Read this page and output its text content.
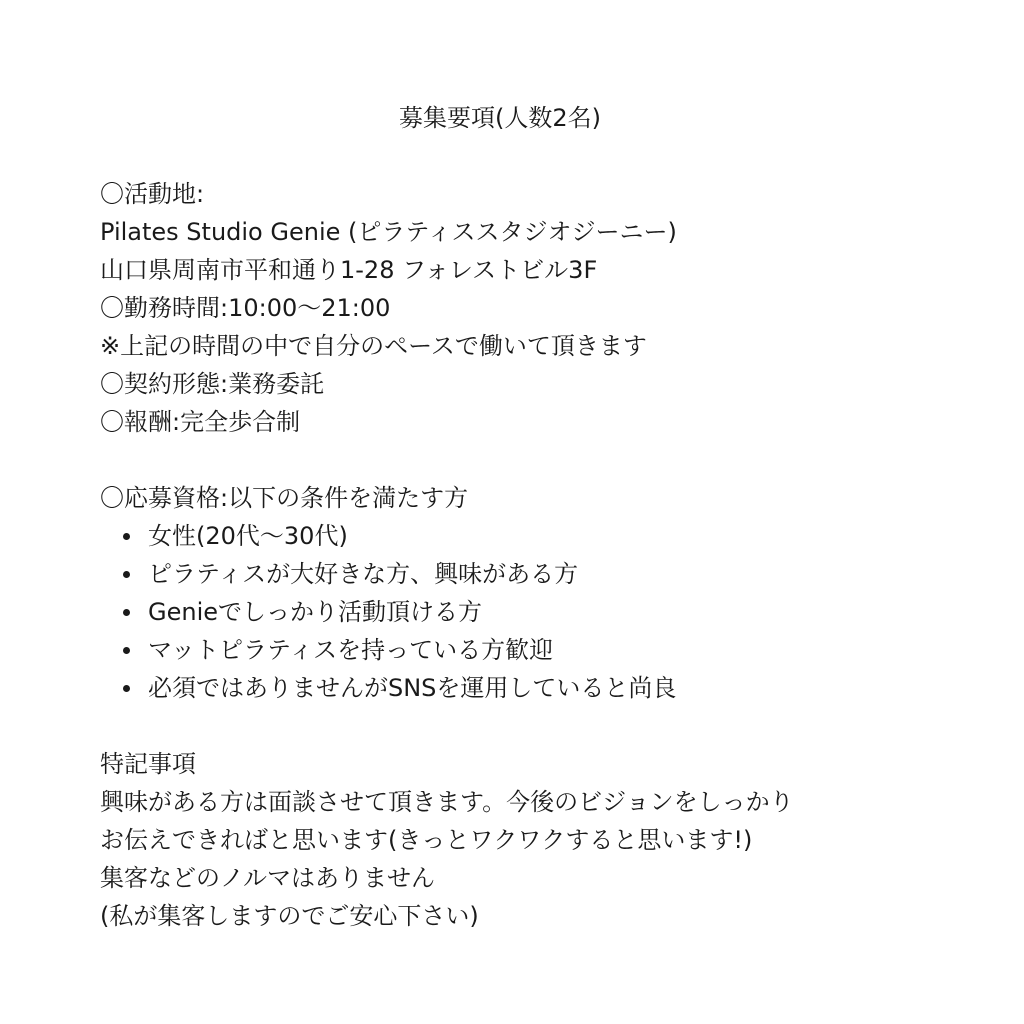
募集要項(人数2名)
〇活動地:
Pilates Studio Genie (ピラティススタジオジーニー)
山口県周南市平和通り1-28 フォレストビル3F
〇勤務時間:10:00〜21:00
※上記の時間の中で自分のペースで働いて頂きます
〇契約形態:業務委託
〇報酬:完全歩合制
〇応募資格:以下の条件を満たす方
女性(20代〜30代)
ピラティスが大好きな方、興味がある方
Genieでしっかり活動頂ける方
マットピラティスを持っている方歓迎
必須ではありませんがSNSを運用していると尚良
特記事項
興味がある方は面談させて頂きます。今後のビジョンをしっかり
お伝えできればと思います(きっとワクワクすると思います!)
集客などのノルマはありません
(私が集客しますのでご安心下さい)
